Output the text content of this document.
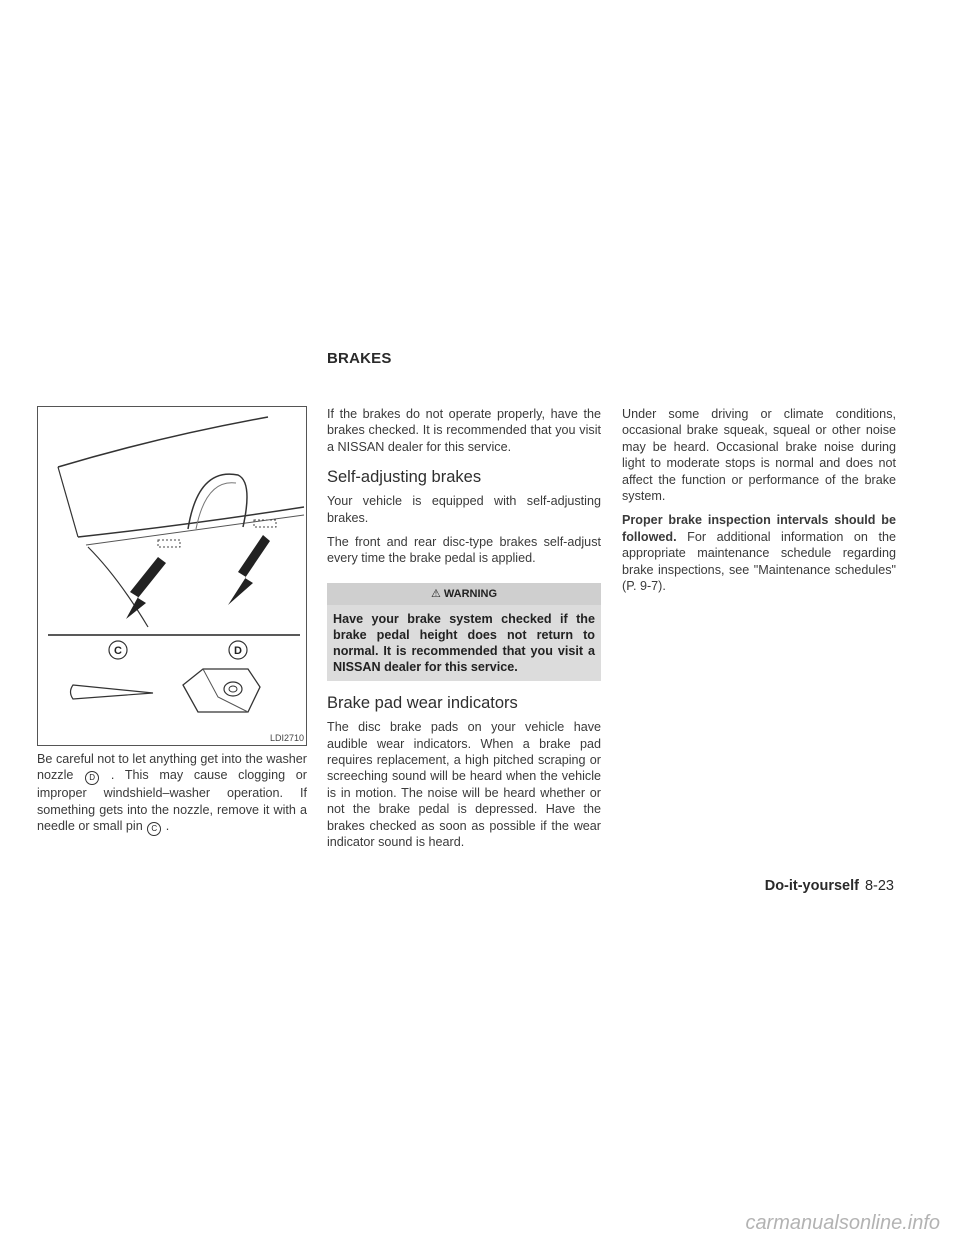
BRAKES
C	D
LDI2710

Be careful not to let anything get into the washer nozzle D . This may cause clogging or improper windshield–washer operation. If something gets into the nozzle, remove it with a needle or small pin C .

If the brakes do not operate properly, have the brakes checked. It is recommended that you visit a NISSAN dealer for this service.

Self-adjusting brakes

Your vehicle is equipped with self-adjusting brakes.

The front and rear disc-type brakes self-adjust every time the brake pedal is applied.

⚠ WARNING
Have your brake system checked if the brake pedal height does not return to normal. It is recommended that you visit a NISSAN dealer for this service.
Brake pad wear indicators

The disc brake pads on your vehicle have audible wear indicators. When a brake pad requires replacement, a high pitched scraping or screeching sound will be heard when the vehicle is in motion. The noise will be heard whether or not the brake pedal is depressed. Have the brakes checked as soon as possible if the wear indicator sound is heard.

Under some driving or climate conditions, occasional brake squeak, squeal or other noise may be heard. Occasional brake noise during light to moderate stops is normal and does not affect the function or performance of the brake system.

Proper brake inspection intervals should be followed. For additional information on the appropriate maintenance schedule regarding brake inspections, see "Maintenance schedules" (P. 9-7).

Do-it-yourself 8-23
carmanualsonline.info
